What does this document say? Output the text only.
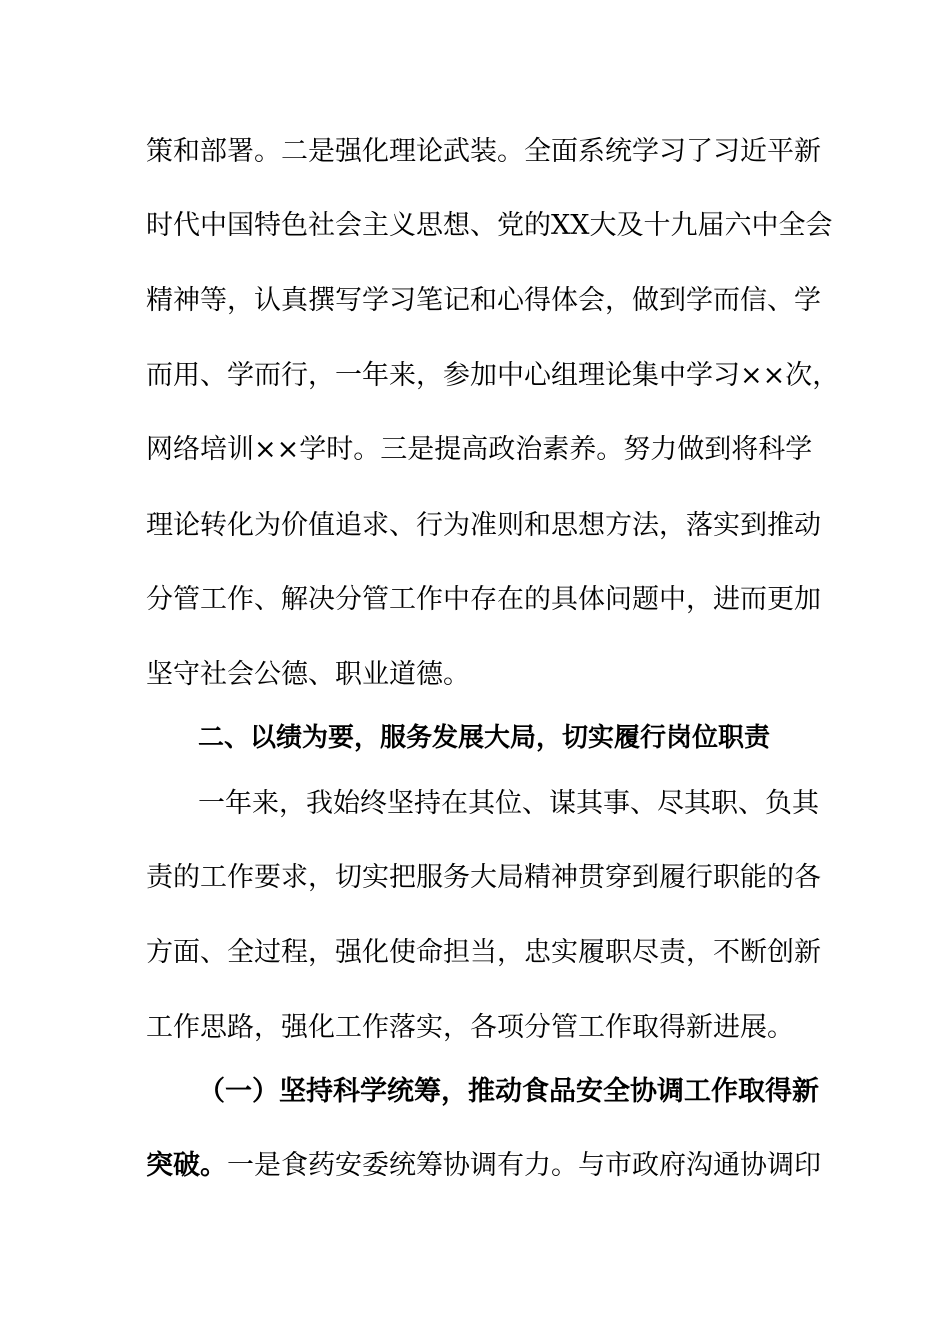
策和部署。二是强化理论武装。全面系统学习了习近平新
时代中国特色社会主义思想、党的XX大及十九届六中全会
精神等，认真撰写学习笔记和心得体会，做到学而信、学
而用、学而行，一年来，参加中心组理论集中学习××次，
网络培训××学时。三是提高政治素养。努力做到将科学
理论转化为价值追求、行为准则和思想方法，落实到推动
分管工作、解决分管工作中存在的具体问题中，进而更加
坚守社会公德、职业道德。
二、以绩为要，服务发展大局，切实履行岗位职责
一年来，我始终坚持在其位、谋其事、尽其职、负其
责的工作要求，切实把服务大局精神贯穿到履行职能的各
方面、全过程，强化使命担当，忠实履职尽责，不断创新
工作思路，强化工作落实，各项分管工作取得新进展。
（一）坚持科学统筹，推动食品安全协调工作取得新
突破。一是食药安委统筹协调有力。与市政府沟通协调印
